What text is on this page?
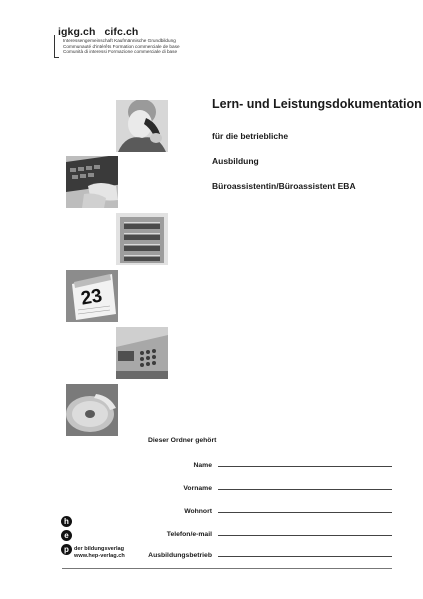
igkg.ch cifc.ch
Interessengemeinschaft Kaufmännische Grundbildung
Communauté d'intérêts Formation commerciale de base
Comunità di interessi Formazione commerciale di base
Lern- und Leistungsdokumentation
für die betriebliche
Ausbildung
Büroassistentin/Büroassistent EBA
23
Dieser Ordner gehört
Name
Vorname
Wohnort
Telefon/e-mail
Ausbildungsbetrieb
h
e
p der bildungsverlag
www.hep-verlag.ch
